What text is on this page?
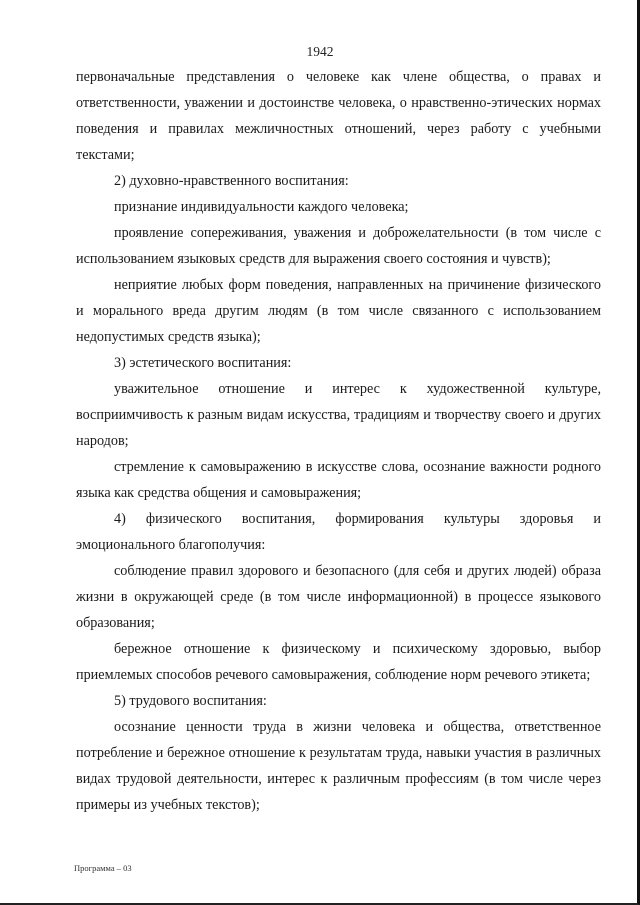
1942

первоначальные представления о человеке как члене общества, о правах и ответственности, уважении и достоинстве человека, о нравственно-этических нормах поведения и правилах межличностных отношений, через работу с учебными текстами;

2) духовно-нравственного воспитания:

признание индивидуальности каждого человека;

проявление сопереживания, уважения и доброжелательности (в том числе с использованием языковых средств для выражения своего состояния и чувств);

неприятие любых форм поведения, направленных на причинение физического и морального вреда другим людям (в том числе связанного с использованием недопустимых средств языка);

3) эстетического воспитания:

уважительное отношение и интерес к художественной культуре, восприимчивость к разным видам искусства, традициям и творчеству своего и других народов;

стремление к самовыражению в искусстве слова, осознание важности родного языка как средства общения и самовыражения;

4) физического воспитания, формирования культуры здоровья и эмоционального благополучия:

соблюдение правил здорового и безопасного (для себя и других людей) образа жизни в окружающей среде (в том числе информационной) в процессе языкового образования;

бережное отношение к физическому и психическому здоровью, выбор приемлемых способов речевого самовыражения, соблюдение норм речевого этикета;

5) трудового воспитания:

осознание ценности труда в жизни человека и общества, ответственное потребление и бережное отношение к результатам труда, навыки участия в различных видах трудовой деятельности, интерес к различным профессиям (в том числе через примеры из учебных текстов);

Программа – 03
